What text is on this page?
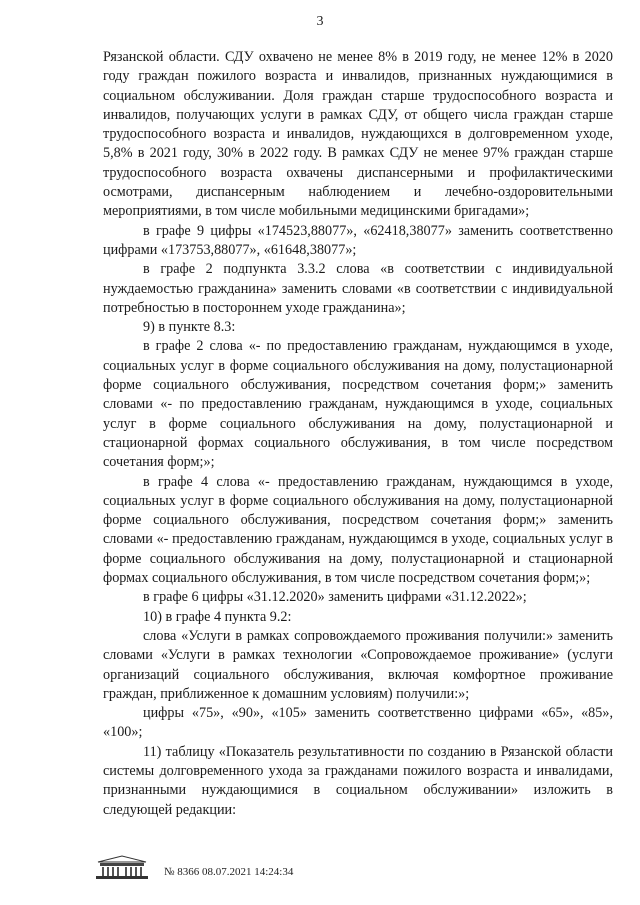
3

Рязанской области. СДУ охвачено не менее 8% в 2019 году, не менее 12% в 2020 году граждан пожилого возраста и инвалидов, признанных нуждающимися в социальном обслуживании. Доля граждан старше трудоспособного возраста и инвалидов, получающих услуги в рамках СДУ, от общего числа граждан старше трудоспособного возраста и инвалидов, нуждающихся в долговременном уходе, 5,8% в 2021 году, 30% в 2022 году. В рамках СДУ не менее 97% граждан старше трудоспособного возраста охвачены диспансерными и профилактическими осмотрами, диспансерным наблюдением и лечебно-оздоровительными мероприятиями, в том числе мобильными медицинскими бригадами»;

в графе 9 цифры «174523,88077», «62418,38077» заменить соответственно цифрами «173753,88077», «61648,38077»;

в графе 2 подпункта 3.3.2 слова «в соответствии с индивидуальной нуждаемостью гражданина» заменить словами «в соответствии с индивидуальной потребностью в постороннем уходе гражданина»;

9) в пункте 8.3:

в графе 2 слова «- по предоставлению гражданам, нуждающимся в уходе, социальных услуг в форме социального обслуживания на дому, полустационарной форме социального обслуживания, посредством сочетания форм;» заменить словами «- по предоставлению гражданам, нуждающимся в уходе, социальных услуг в форме социального обслуживания на дому, полустационарной и стационарной формах социального обслуживания, в том числе посредством сочетания форм;»;

в графе 4 слова «- предоставлению гражданам, нуждающимся в уходе, социальных услуг в форме социального обслуживания на дому, полустационарной форме социального обслуживания, посредством сочетания форм;» заменить словами «- предоставлению гражданам, нуждающимся в уходе, социальных услуг в форме социального обслуживания на дому, полустационарной и стационарной формах социального обслуживания, в том числе посредством сочетания форм;»;

в графе 6 цифры «31.12.2020» заменить цифрами «31.12.2022»;

10) в графе 4 пункта 9.2:

слова «Услуги в рамках сопровождаемого проживания получили:» заменить словами «Услуги в рамках технологии «Сопровождаемое проживание» (услуги организаций социального обслуживания, включая комфортное проживание граждан, приближенное к домашним условиям) получили:»;

цифры «75», «90», «105» заменить соответственно цифрами «65», «85», «100»;

11) таблицу «Показатель результативности по созданию в Рязанской области системы долговременного ухода за гражданами пожилого возраста и инвалидами, признанными нуждающимися в социальном обслуживании» изложить в следующей редакции:

№ 8366 08.07.2021 14:24:34
